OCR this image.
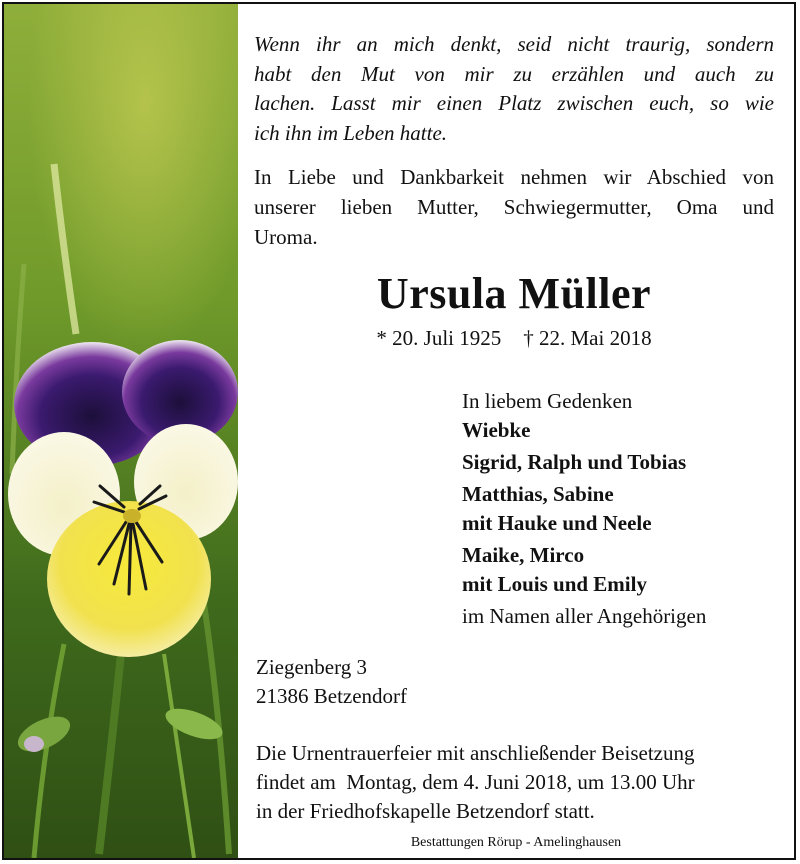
Wenn ihr an mich denkt, seid nicht traurig, sondern
habt den Mut von mir zu erzählen und auch zu
lachen. Lasst mir einen Platz zwischen euch, so wie
ich ihn im Leben hatte.
In Liebe und Dankbarkeit nehmen wir Abschied von
unserer lieben Mutter, Schwiegermutter, Oma und
Uroma.
Ursula Müller
* 20. Juli 1925 † 22. Mai 2018
In liebem Gedenken
Wiebke
Sigrid, Ralph und Tobias
Matthias, Sabine
mit Hauke und Neele
Maike, Mirco
mit Louis und Emily
im Namen aller Angehörigen
Ziegenberg 3
21386 Betzendorf
Die Urnentrauerfeier mit anschließender Beisetzung
findet am  Montag, dem 4. Juni 2018, um 13.00 Uhr
in der Friedhofskapelle Betzendorf statt.
Bestattungen Rörup - Amelinghausen
